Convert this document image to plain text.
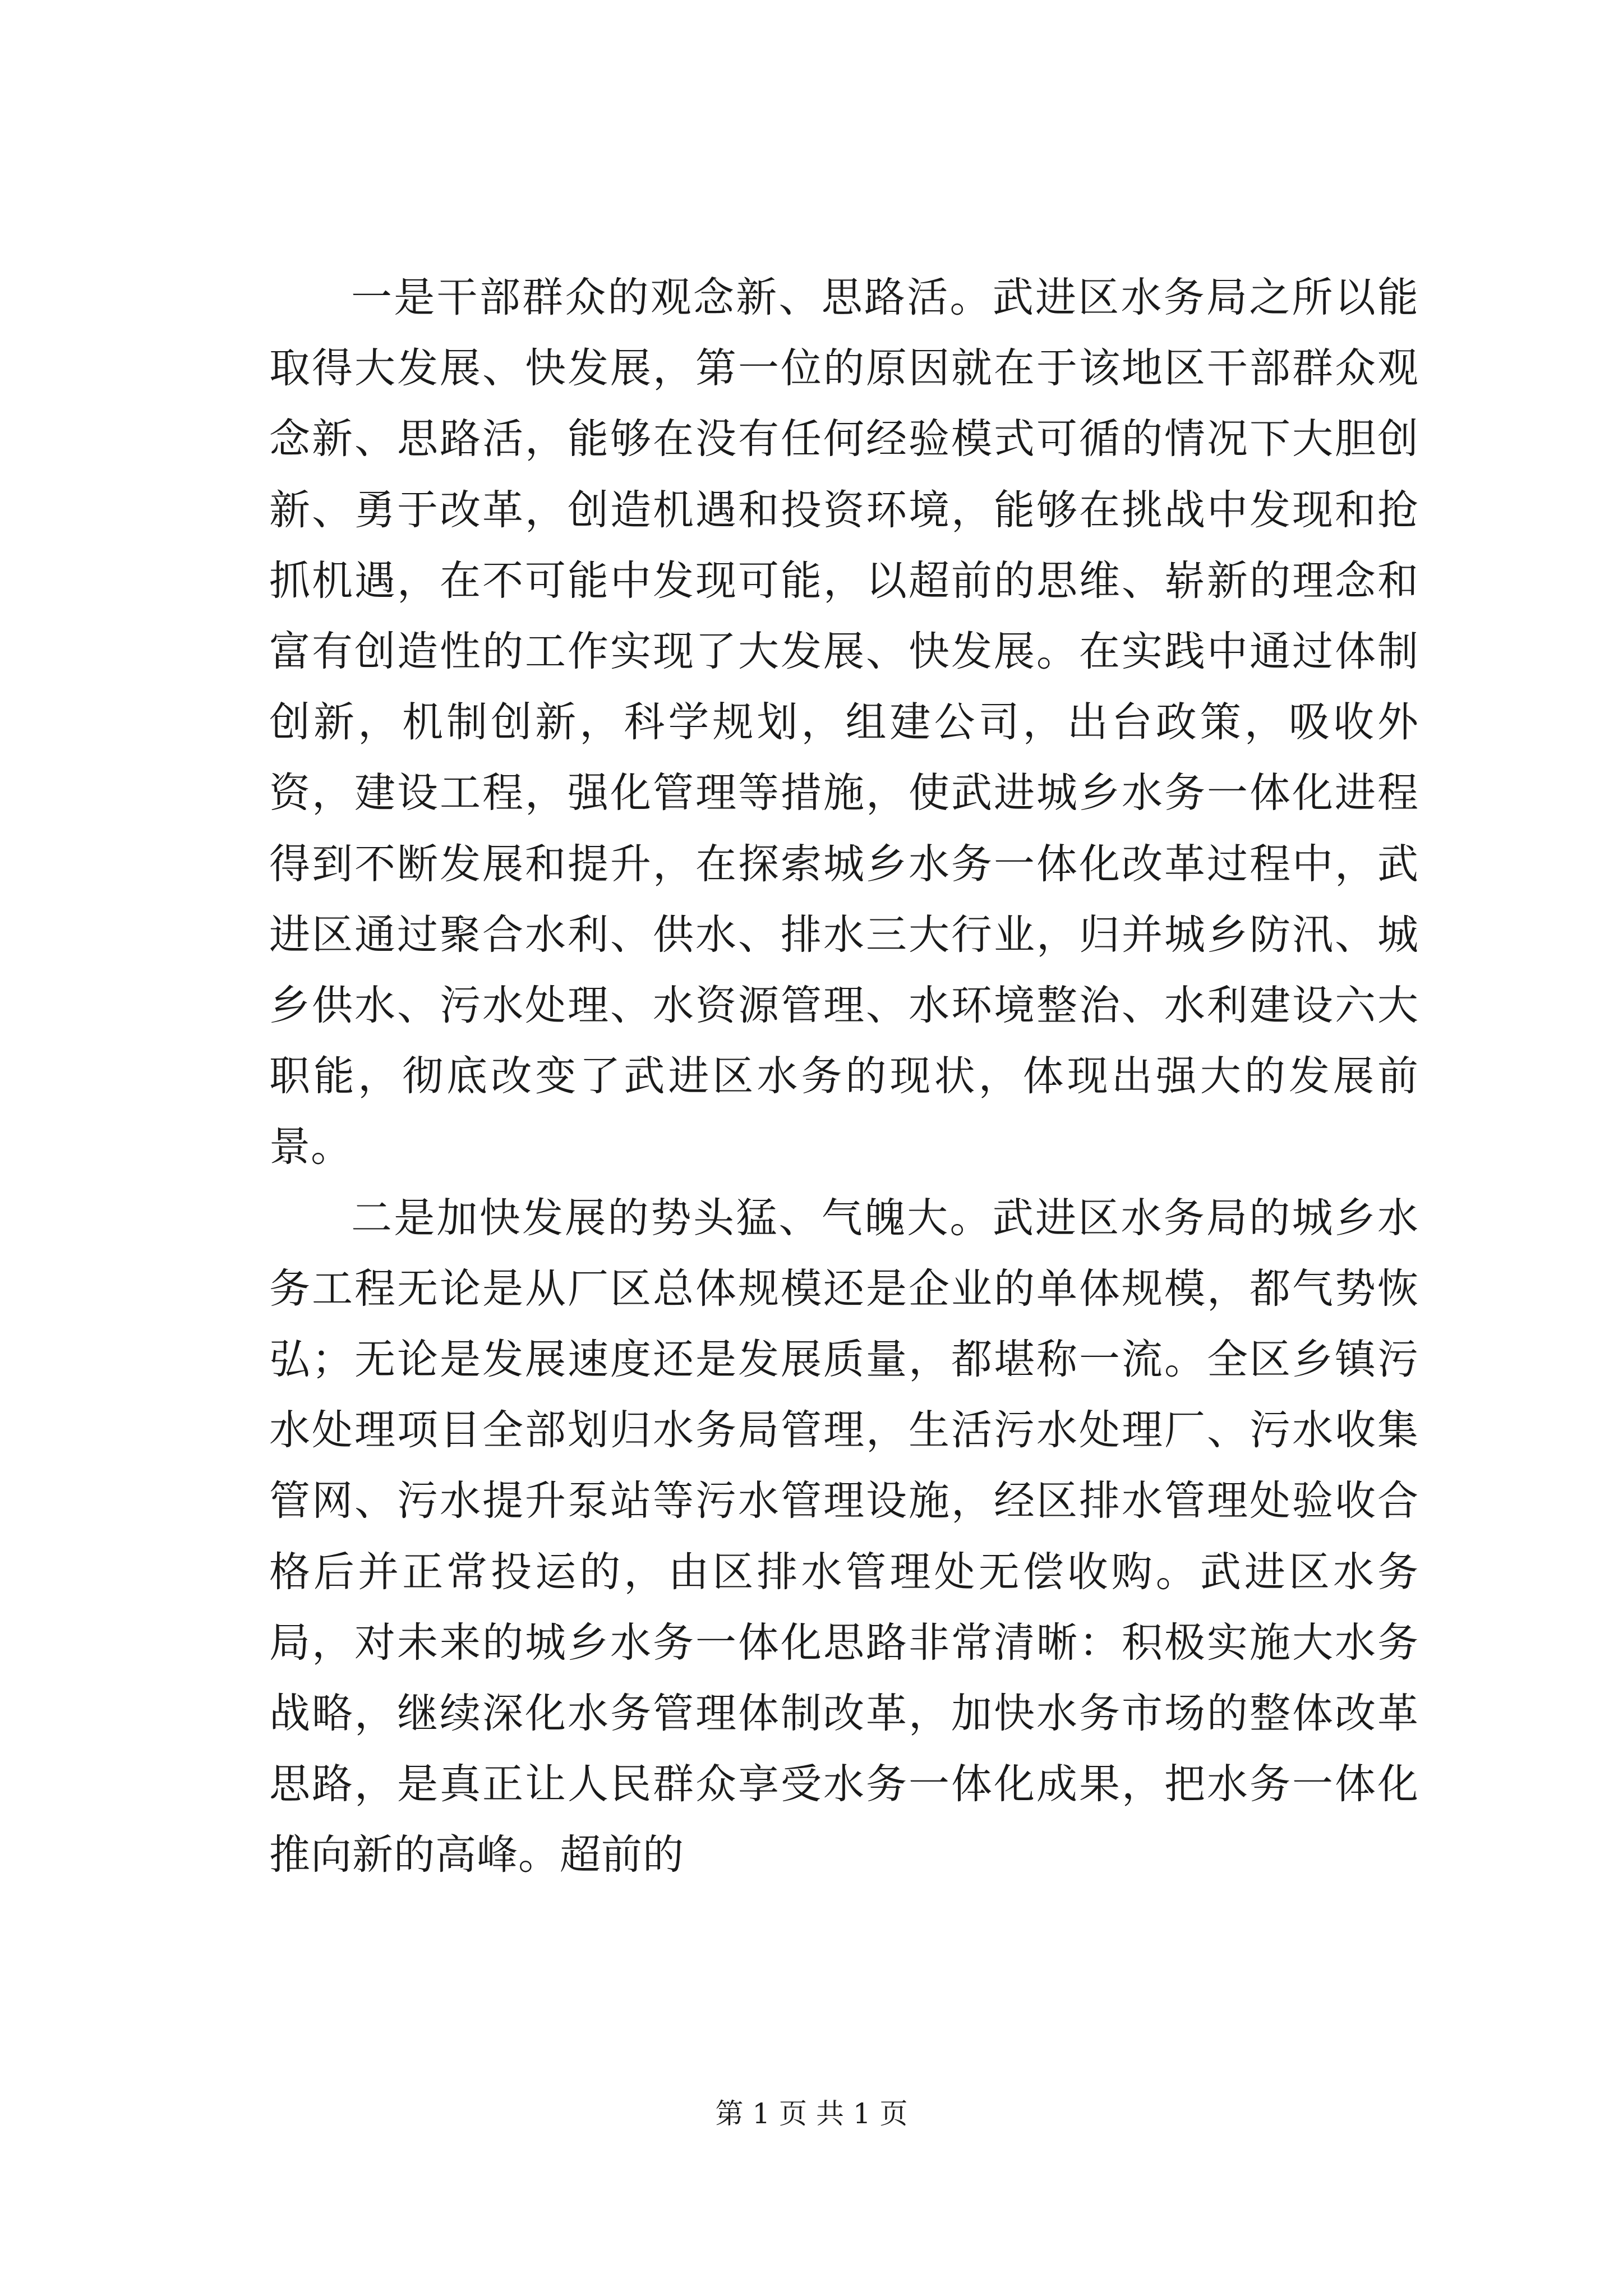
一是干部群众的观念新、思路活。武进区水务局之所以能取得大发展、快发展，第一位的原因就在于该地区干部群众观念新、思路活，能够在没有任何经验模式可循的情况下大胆创新、勇于改革，创造机遇和投资环境，能够在挑战中发现和抢抓机遇，在不可能中发现可能，以超前的思维、崭新的理念和富有创造性的工作实现了大发展、快发展。在实践中通过体制创新，机制创新，科学规划，组建公司，出台政策，吸收外资，建设工程，强化管理等措施，使武进城乡水务一体化进程得到不断发展和提升，在探索城乡水务一体化改革过程中，武进区通过聚合水利、供水、排水三大行业，归并城乡防汛、城乡供水、污水处理、水资源管理、水环境整治、水利建设六大职能，彻底改变了武进区水务的现状，体现出强大的发展前景。

二是加快发展的势头猛、气魄大。武进区水务局的城乡水务工程无论是从厂区总体规模还是企业的单体规模，都气势恢弘；无论是发展速度还是发展质量，都堪称一流。全区乡镇污水处理项目全部划归水务局管理，生活污水处理厂、污水收集管网、污水提升泵站等污水管理设施，经区排水管理处验收合格后并正常投运的，由区排水管理处无偿收购。武进区水务局，对未来的城乡水务一体化思路非常清晰：积极实施大水务战略，继续深化水务管理体制改革，加快水务市场的整体改革思路，是真正让人民群众享受水务一体化成果，把水务一体化推向新的高峰。超前的

第 1 页 共 1 页
